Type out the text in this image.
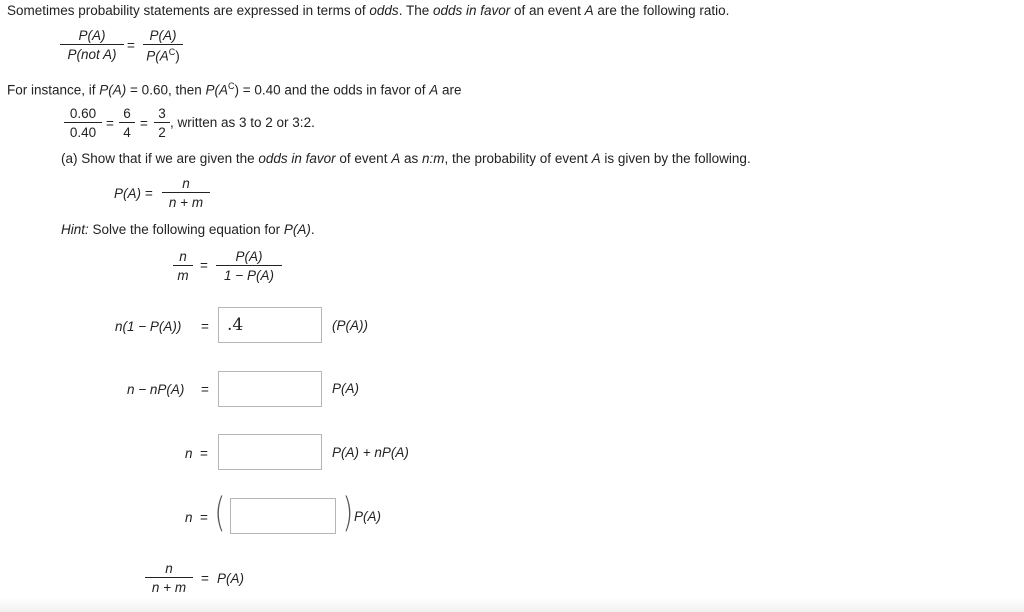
Sometimes probability statements are expressed in terms of odds. The odds in favor of an event A are the following ratio.
P(A)
P(not A)
=
P(A)
$P(A^C)$
For instance, if P(A) = 0.60, then $P(A^C) = 0.40$ and the odds in favor of A are
0.60
0.40
=
6
4
=
3
2
, written as 3 to 2 or 3:2.
(a) Show that if we are given the odds in favor of event A as n:m, the probability of event A is given by the following.
P(A) =
n
n + m
Hint: Solve the following equation for P(A).
n
m
=
P(A)
1 − P(A)
n(1 − P(A)) =
.4	(P(A))
n − nP(A) =	P(A)
n =	P(A) + nP(A)
n = (	) P(A)
n
n + m
= P(A)
